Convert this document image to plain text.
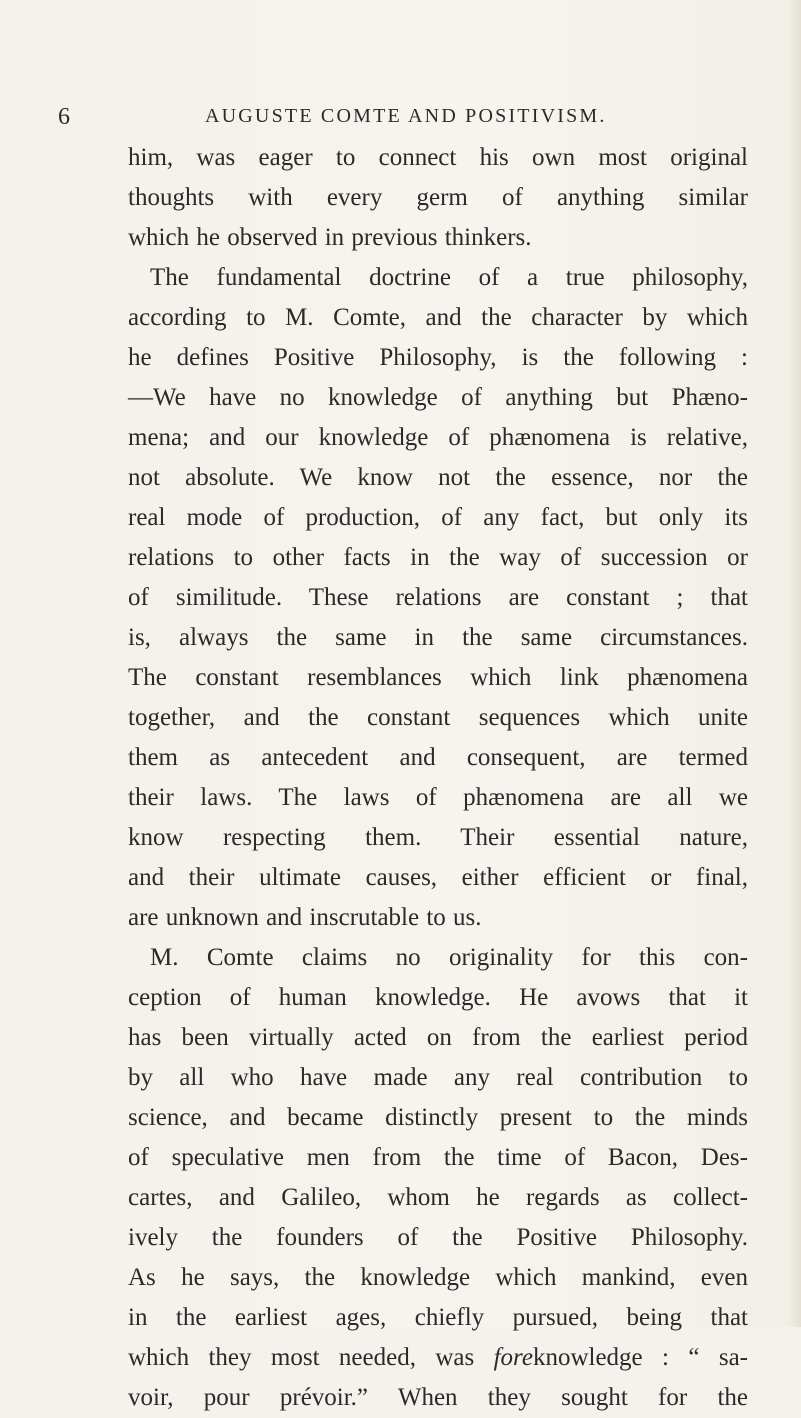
6	AUGUSTE COMTE AND POSITIVISM.
him, was eager to connect his own most original
thoughts with every germ of anything similar
which he observed in previous thinkers.
The fundamental doctrine of a true philosophy,
according to M. Comte, and the character by which
he defines Positive Philosophy, is the following :
—We have no knowledge of anything but Phæno-
mena; and our knowledge of phænomena is relative,
not absolute. We know not the essence, nor the
real mode of production, of any fact, but only its
relations to other facts in the way of succession or
of similitude. These relations are constant ; that
is, always the same in the same circumstances.
The constant resemblances which link phænomena
together, and the constant sequences which unite
them as antecedent and consequent, are termed
their laws. The laws of phænomena are all we
know respecting them. Their essential nature,
and their ultimate causes, either efficient or final,
are unknown and inscrutable to us.
M. Comte claims no originality for this con-
ception of human knowledge. He avows that it
has been virtually acted on from the earliest period
by all who have made any real contribution to
science, and became distinctly present to the minds
of speculative men from the time of Bacon, Des-
cartes, and Galileo, whom he regards as collect-
ively the founders of the Positive Philosophy.
As he says, the knowledge which mankind, even
in the earliest ages, chiefly pursued, being that
which they most needed, was foreknowledge : “ sa-
voir, pour prévoir.” When they sought for the
